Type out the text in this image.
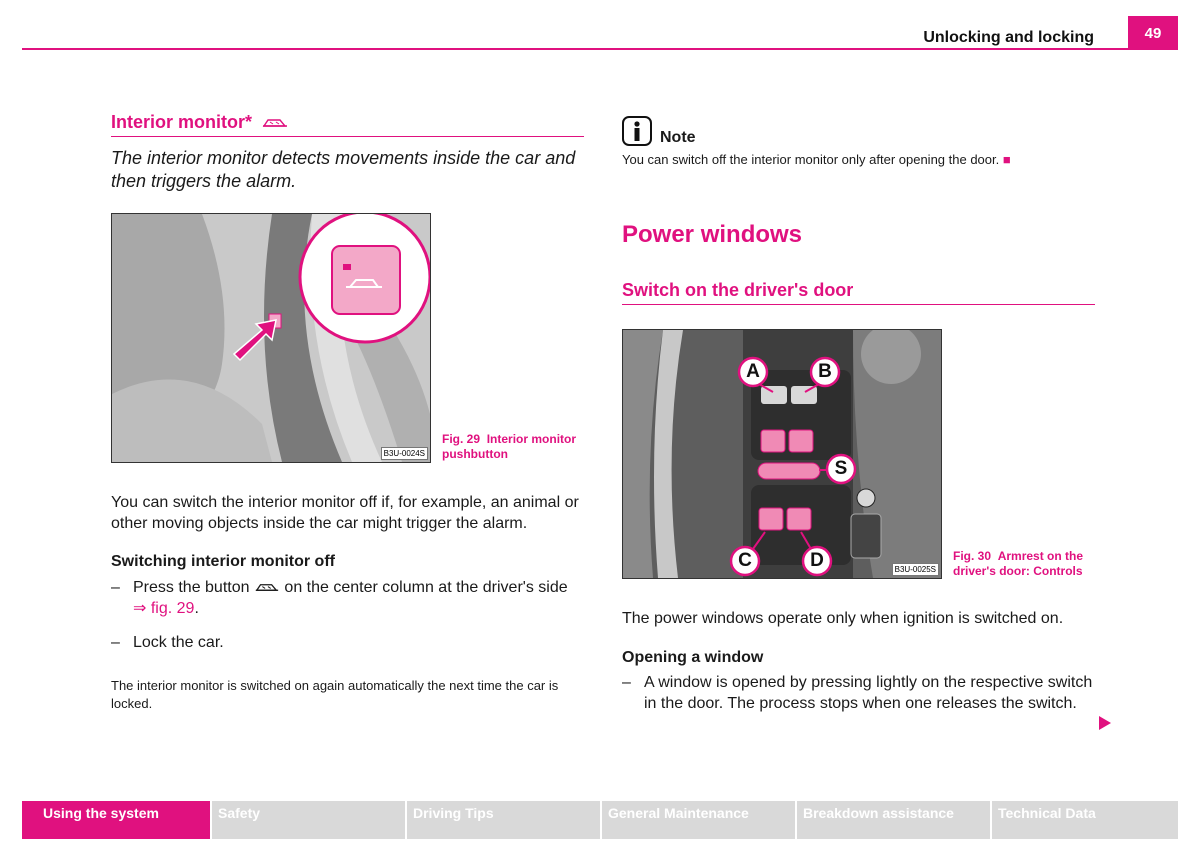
Unlocking and locking	49
Interior monitor*
The interior monitor detects movements inside the car and then triggers the alarm.
B3U-0024S
Fig. 29 Interior monitor pushbutton
You can switch the interior monitor off if, for example, an animal or other moving objects inside the car might trigger the alarm.
Switching interior monitor off
– Press the button on the center column at the driver's side
⇒ fig. 29.
– Lock the car.
The interior monitor is switched on again automatically the next time the car is locked.
Note
You can switch off the interior monitor only after opening the door. ■
Power windows
Switch on the driver's door
A	B
S
C	D	B3U-0025S
Fig. 30 Armrest on the driver's door: Controls
The power windows operate only when ignition is switched on.
Opening a window
– A window is opened by pressing lightly on the respective switch in the door. The process stops when one releases the switch.
Using the system	Safety	Driving Tips	General Maintenance	Breakdown assistance	Technical Data
